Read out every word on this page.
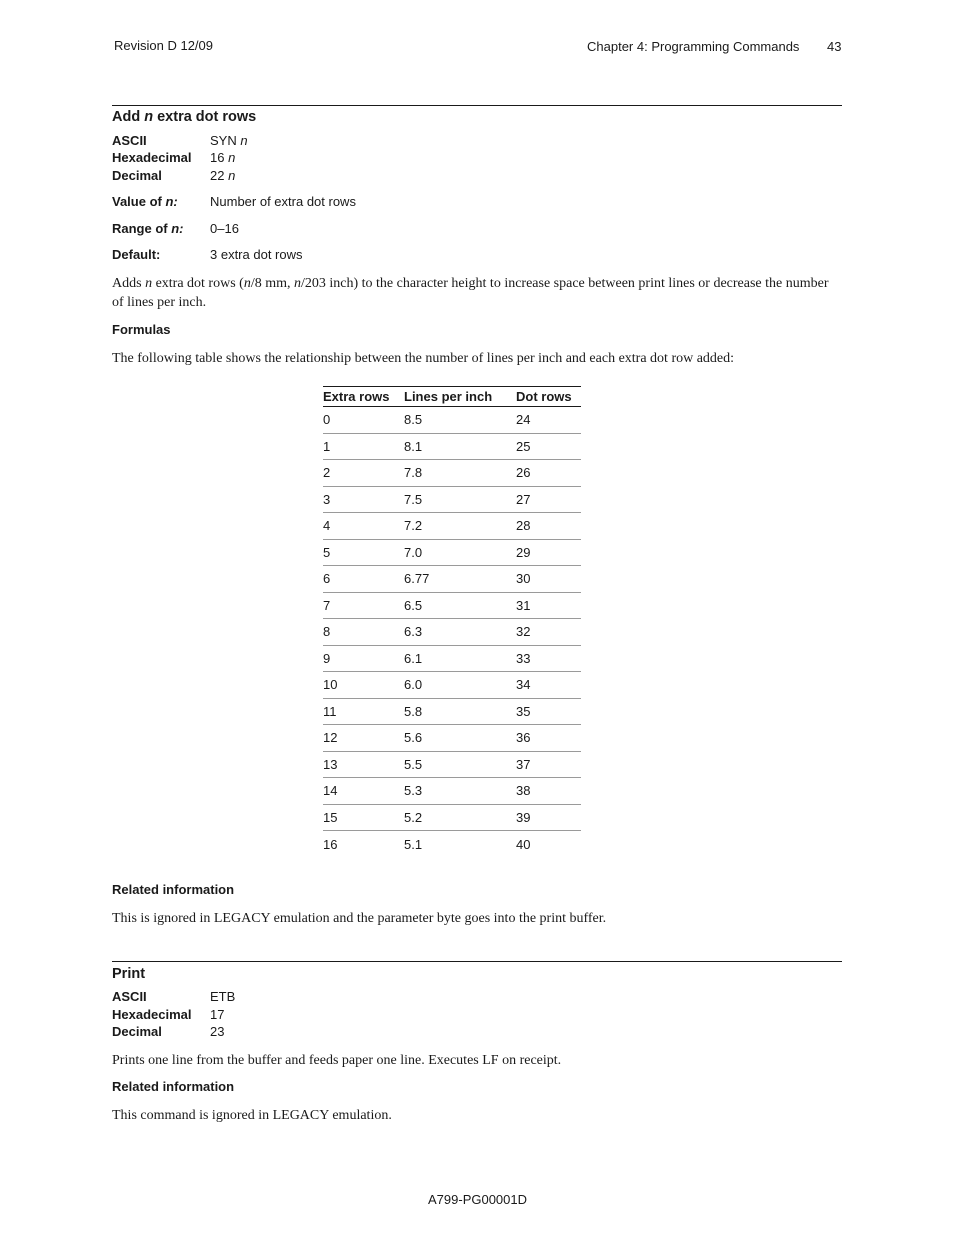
Revision D 12/09	Chapter 4: Programming Commands 43
Add n extra dot rows
ASCII	SYN n
Hexadecimal 16 n
Decimal	22 n
Value of n: Number of extra dot rows
Range of n: 0–16
Default:	3 extra dot rows
Adds n extra dot rows (n/8 mm, n/203 inch) to the character height to increase space between print lines or decrease the number of lines per inch.
Formulas
The following table shows the relationship between the number of lines per inch and each extra dot row added:
Extra rows	Lines per inch	Dot rows
0	8.5	24
1	8.1	25
2	7.8	26
3	7.5	27
4	7.2	28
5	7.0	29
6	6.77	30
7	6.5	31
8	6.3	32
9	6.1	33
10	6.0	34
11	5.8	35
12	5.6	36
13	5.5	37
14	5.3	38
15	5.2	39
16	5.1	40
Related information
This is ignored in LEGACY emulation and the parameter byte goes into the print buffer.
Print
ASCII	ETB
Hexadecimal 17
Decimal	23
Prints one line from the buffer and feeds paper one line. Executes LF on receipt.
Related information
This command is ignored in LEGACY emulation.
A799-PG00001D
